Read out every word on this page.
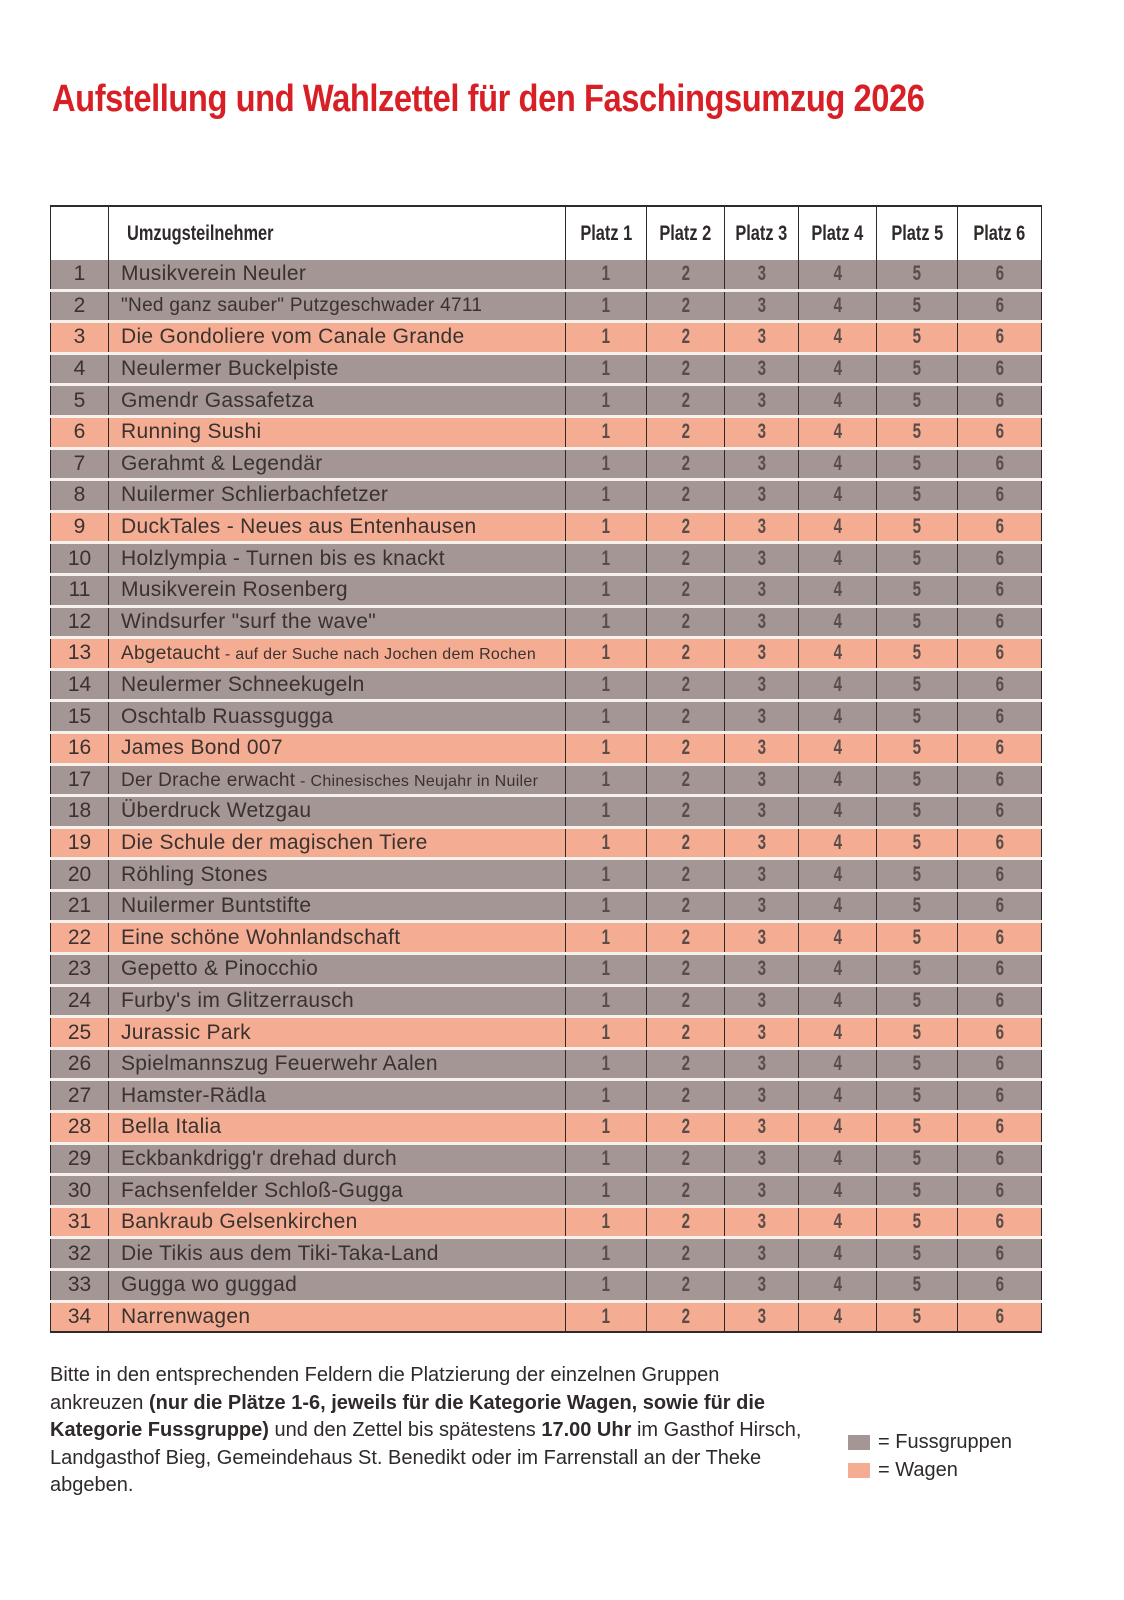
Aufstellung und Wahlzettel für den Faschingsumzug 2026
	Umzugsteilnehmer	Platz 1	Platz 2	Platz 3	Platz 4	Platz 5	Platz 6
1	Musikverein Neuler	1	2	3	4	5	6
2	"Ned ganz sauber" Putzgeschwader 4711	1	2	3	4	5	6
3	Die Gondoliere vom Canale Grande	1	2	3	4	5	6
4	Neulermer Buckelpiste	1	2	3	4	5	6
5	Gmendr Gassafetza	1	2	3	4	5	6
6	Running Sushi	1	2	3	4	5	6
7	Gerahmt & Legendär	1	2	3	4	5	6
8	Nuilermer Schlierbachfetzer	1	2	3	4	5	6
9	DuckTales - Neues aus Entenhausen	1	2	3	4	5	6
10	Holzlympia - Turnen bis es knackt	1	2	3	4	5	6
11	Musikverein Rosenberg	1	2	3	4	5	6
12	Windsurfer "surf the wave"	1	2	3	4	5	6
13	Abgetaucht - auf der Suche nach Jochen dem Rochen	1	2	3	4	5	6
14	Neulermer Schneekugeln	1	2	3	4	5	6
15	Oschtalb Ruassgugga	1	2	3	4	5	6
16	James Bond 007	1	2	3	4	5	6
17	Der Drache erwacht - Chinesisches Neujahr in Nuiler	1	2	3	4	5	6
18	Überdruck Wetzgau	1	2	3	4	5	6
19	Die Schule der magischen Tiere	1	2	3	4	5	6
20	Röhling Stones	1	2	3	4	5	6
21	Nuilermer Buntstifte	1	2	3	4	5	6
22	Eine schöne Wohnlandschaft	1	2	3	4	5	6
23	Gepetto & Pinocchio	1	2	3	4	5	6
24	Furby's im Glitzerrausch	1	2	3	4	5	6
25	Jurassic Park	1	2	3	4	5	6
26	Spielmannszug Feuerwehr Aalen	1	2	3	4	5	6
27	Hamster-Rädla	1	2	3	4	5	6
28	Bella Italia	1	2	3	4	5	6
29	Eckbankdrigg'r drehad durch	1	2	3	4	5	6
30	Fachsenfelder Schloß-Gugga	1	2	3	4	5	6
31	Bankraub Gelsenkirchen	1	2	3	4	5	6
32	Die Tikis aus dem Tiki-Taka-Land	1	2	3	4	5	6
33	Gugga wo guggad	1	2	3	4	5	6
34	Narrenwagen	1	2	3	4	5	6
Bitte in den entsprechenden Feldern die Platzierung der einzelnen Gruppen ankreuzen (nur die Plätze 1-6, jeweils für die Kategorie Wagen, sowie für die Kategorie Fussgruppe) und den Zettel bis spätestens 17.00 Uhr im Gasthof Hirsch, Landgasthof Bieg, Gemeindehaus St. Benedikt oder im Farrenstall an der Theke abgeben.
= Fussgruppen
= Wagen
